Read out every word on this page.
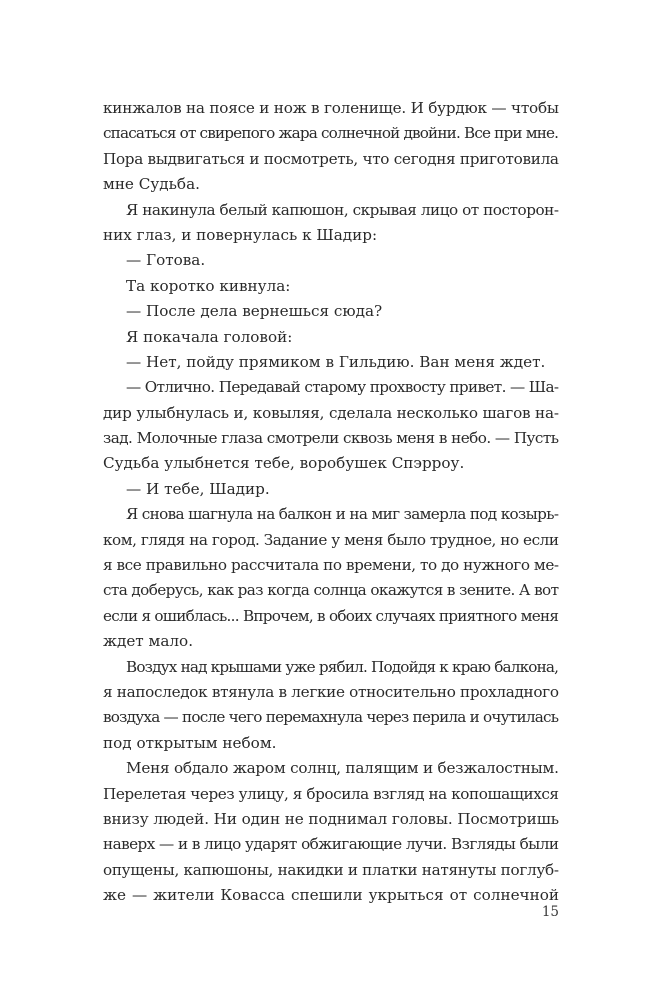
кинжалов на поясе и нож в голенище. И бурдюк — чтобы
спасаться от свирепого жара солнечной двойни. Все при мне.
Пора выдвигаться и посмотреть, что сегодня приготовила
мне Судьба.
Я накинула белый капюшон, скрывая лицо от посторон-
них глаз, и повернулась к Шадир:
— Готова.
Та коротко кивнула:
— После дела вернешься сюда?
Я покачала головой:
— Нет, пойду прямиком в Гильдию. Ван меня ждет.
— Отлично. Передавай старому прохвосту привет. — Ша-
дир улыбнулась и, ковыляя, сделала несколько шагов на-
зад. Молочные глаза смотрели сквозь меня в небо. — Пусть
Судьба улыбнется тебе, воробушек Спэрроу.
— И тебе, Шадир.
Я снова шагнула на балкон и на миг замерла под козырь-
ком, глядя на город. Задание у меня было трудное, но если
я все правильно рассчитала по времени, то до нужного ме-
ста доберусь, как раз когда солнца окажутся в зените. А вот
если я ошиблась... Впрочем, в обоих случаях приятного меня
ждет мало.
Воздух над крышами уже рябил. Подойдя к краю балкона,
я напоследок втянула в легкие относительно прохладного
воздуха — после чего перемахнула через перила и очутилась
под открытым небом.
Меня обдало жаром солнц, палящим и безжалостным.
Перелетая через улицу, я бросила взгляд на копошащихся
внизу людей. Ни один не поднимал головы. Посмотришь
наверх — и в лицо ударят обжигающие лучи. Взгляды были
опущены, капюшоны, накидки и платки натянуты поглуб-
же — жители Ковасса спешили укрыться от солнечной
15
